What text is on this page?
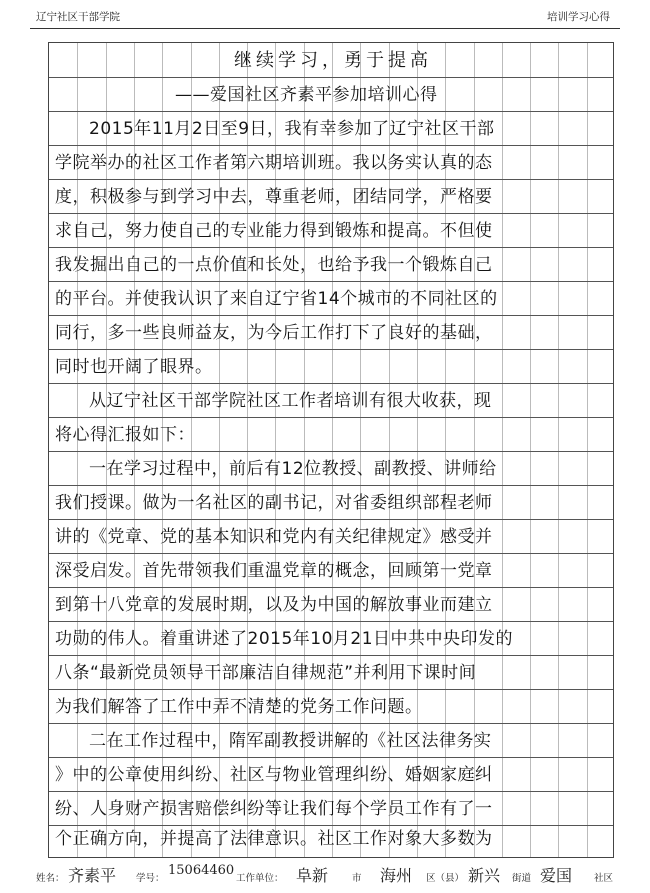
辽宁社区干部学院	培训学习心得
继续学习，勇于提高
——爱国社区齐素平参加培训心得
2015年11月2日至9日，我有幸参加了辽宁社区干部
学院举办的社区工作者第六期培训班。我以务实认真的态
度，积极参与到学习中去，尊重老师，团结同学，严格要
求自己，努力使自己的专业能力得到锻炼和提高。不但使
我发掘出自己的一点价值和长处，也给予我一个锻炼自己
的平台。并使我认识了来自辽宁省14个城市的不同社区的
同行，多一些良师益友，为今后工作打下了良好的基础，
同时也开阔了眼界。
从辽宁社区干部学院社区工作者培训有很大收获，现
将心得汇报如下：
一在学习过程中，前后有12位教授、副教授、讲师给
我们授课。做为一名社区的副书记，对省委组织部程老师
讲的《党章、党的基本知识和党内有关纪律规定》感受并
深受启发。首先带领我们重温党章的概念，回顾第一党章
到第十八党章的发展时期，以及为中国的解放事业而建立
功勋的伟人。着重讲述了2015年10月21日中共中央印发的
八条“最新党员领导干部廉洁自律规范”并利用下课时间
为我们解答了工作中弄不清楚的党务工作问题。
二在工作过程中，隋军副教授讲解的《社区法律务实
》中的公章使用纠纷、社区与物业管理纠纷、婚姻家庭纠
纷、人身财产损害赔偿纠纷等让我们每个学员工作有了一
个正确方向，并提高了法律意识。社区工作对象大多数为
姓名： 齐素平 学号：
15064460
工作单位： 阜新	市 海州 区（县） 新兴 街道 爱国 社区
